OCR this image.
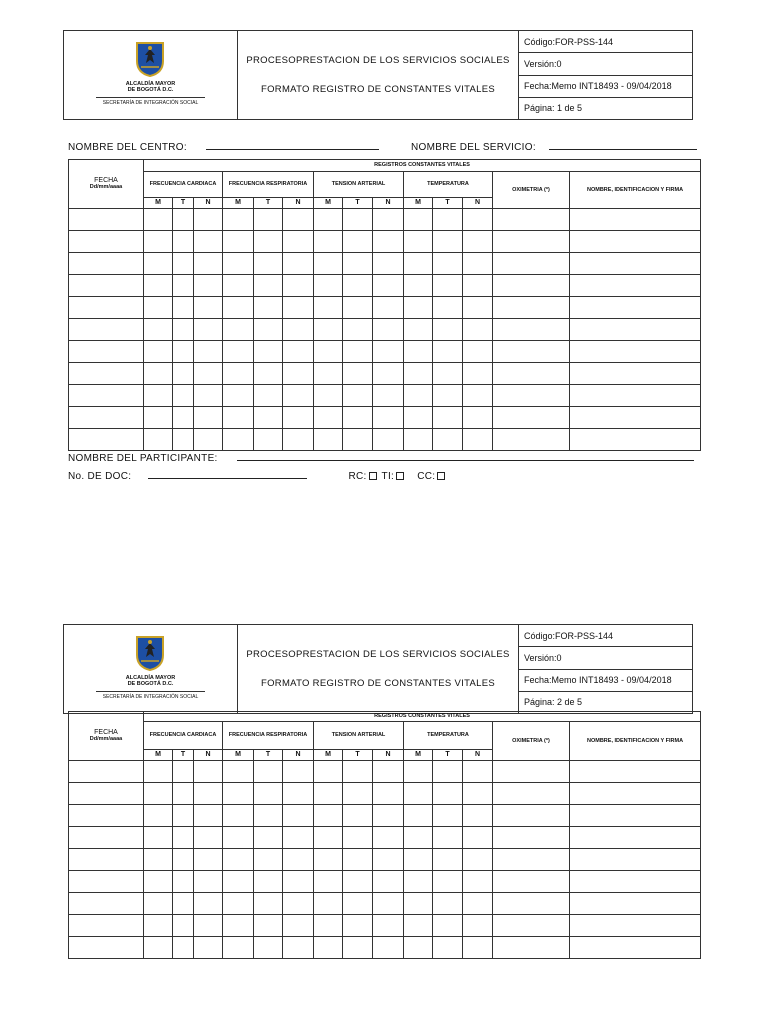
ALCALDÍA MAYOR
DE BOGOTÁ D.C.
SECRETARÍA DE INTEGRACIÓN SOCIAL
PROCESOPRESTACION DE LOS SERVICIOS SOCIALES
FORMATO REGISTRO DE CONSTANTES VITALES
Código:FOR-PSS-144
Versión:0
Fecha:Memo INT18493 - 09/04/2018
Página: 1 de 5
NOMBRE DEL CENTRO:	NOMBRE DEL SERVICIO:
FECHA
Dd/mm/aaaa	REGISTROS CONSTANTES VITALES													
	FRECUENCIA CARDIACA			FRECUENCIA RESPIRATORIA			TENSION ARTERIAL			TEMPERATURA			OXIMETRIA (*)	NOMBRE, IDENTIFICACION Y FIRMA
	M	T	N	M	T	N	M	T	N	M	T	N		

NOMBRE DEL PARTICIPANTE:
No. DE DOC:	RC: TI: CC:
ALCALDÍA MAYOR
DE BOGOTÁ D.C.
SECRETARÍA DE INTEGRACIÓN SOCIAL
PROCESOPRESTACION DE LOS SERVICIOS SOCIALES
FORMATO REGISTRO DE CONSTANTES VITALES
Código:FOR-PSS-144
Versión:0
Fecha:Memo INT18493 - 09/04/2018
Página: 2 de 5
FECHA
Dd/mm/aaaa	REGISTROS CONSTANTES VITALES													
	FRECUENCIA CARDIACA			FRECUENCIA RESPIRATORIA			TENSION ARTERIAL			TEMPERATURA			OXIMETRIA (*)	NOMBRE, IDENTIFICACION Y FIRMA
	M	T	N	M	T	N	M	T	N	M	T	N		
